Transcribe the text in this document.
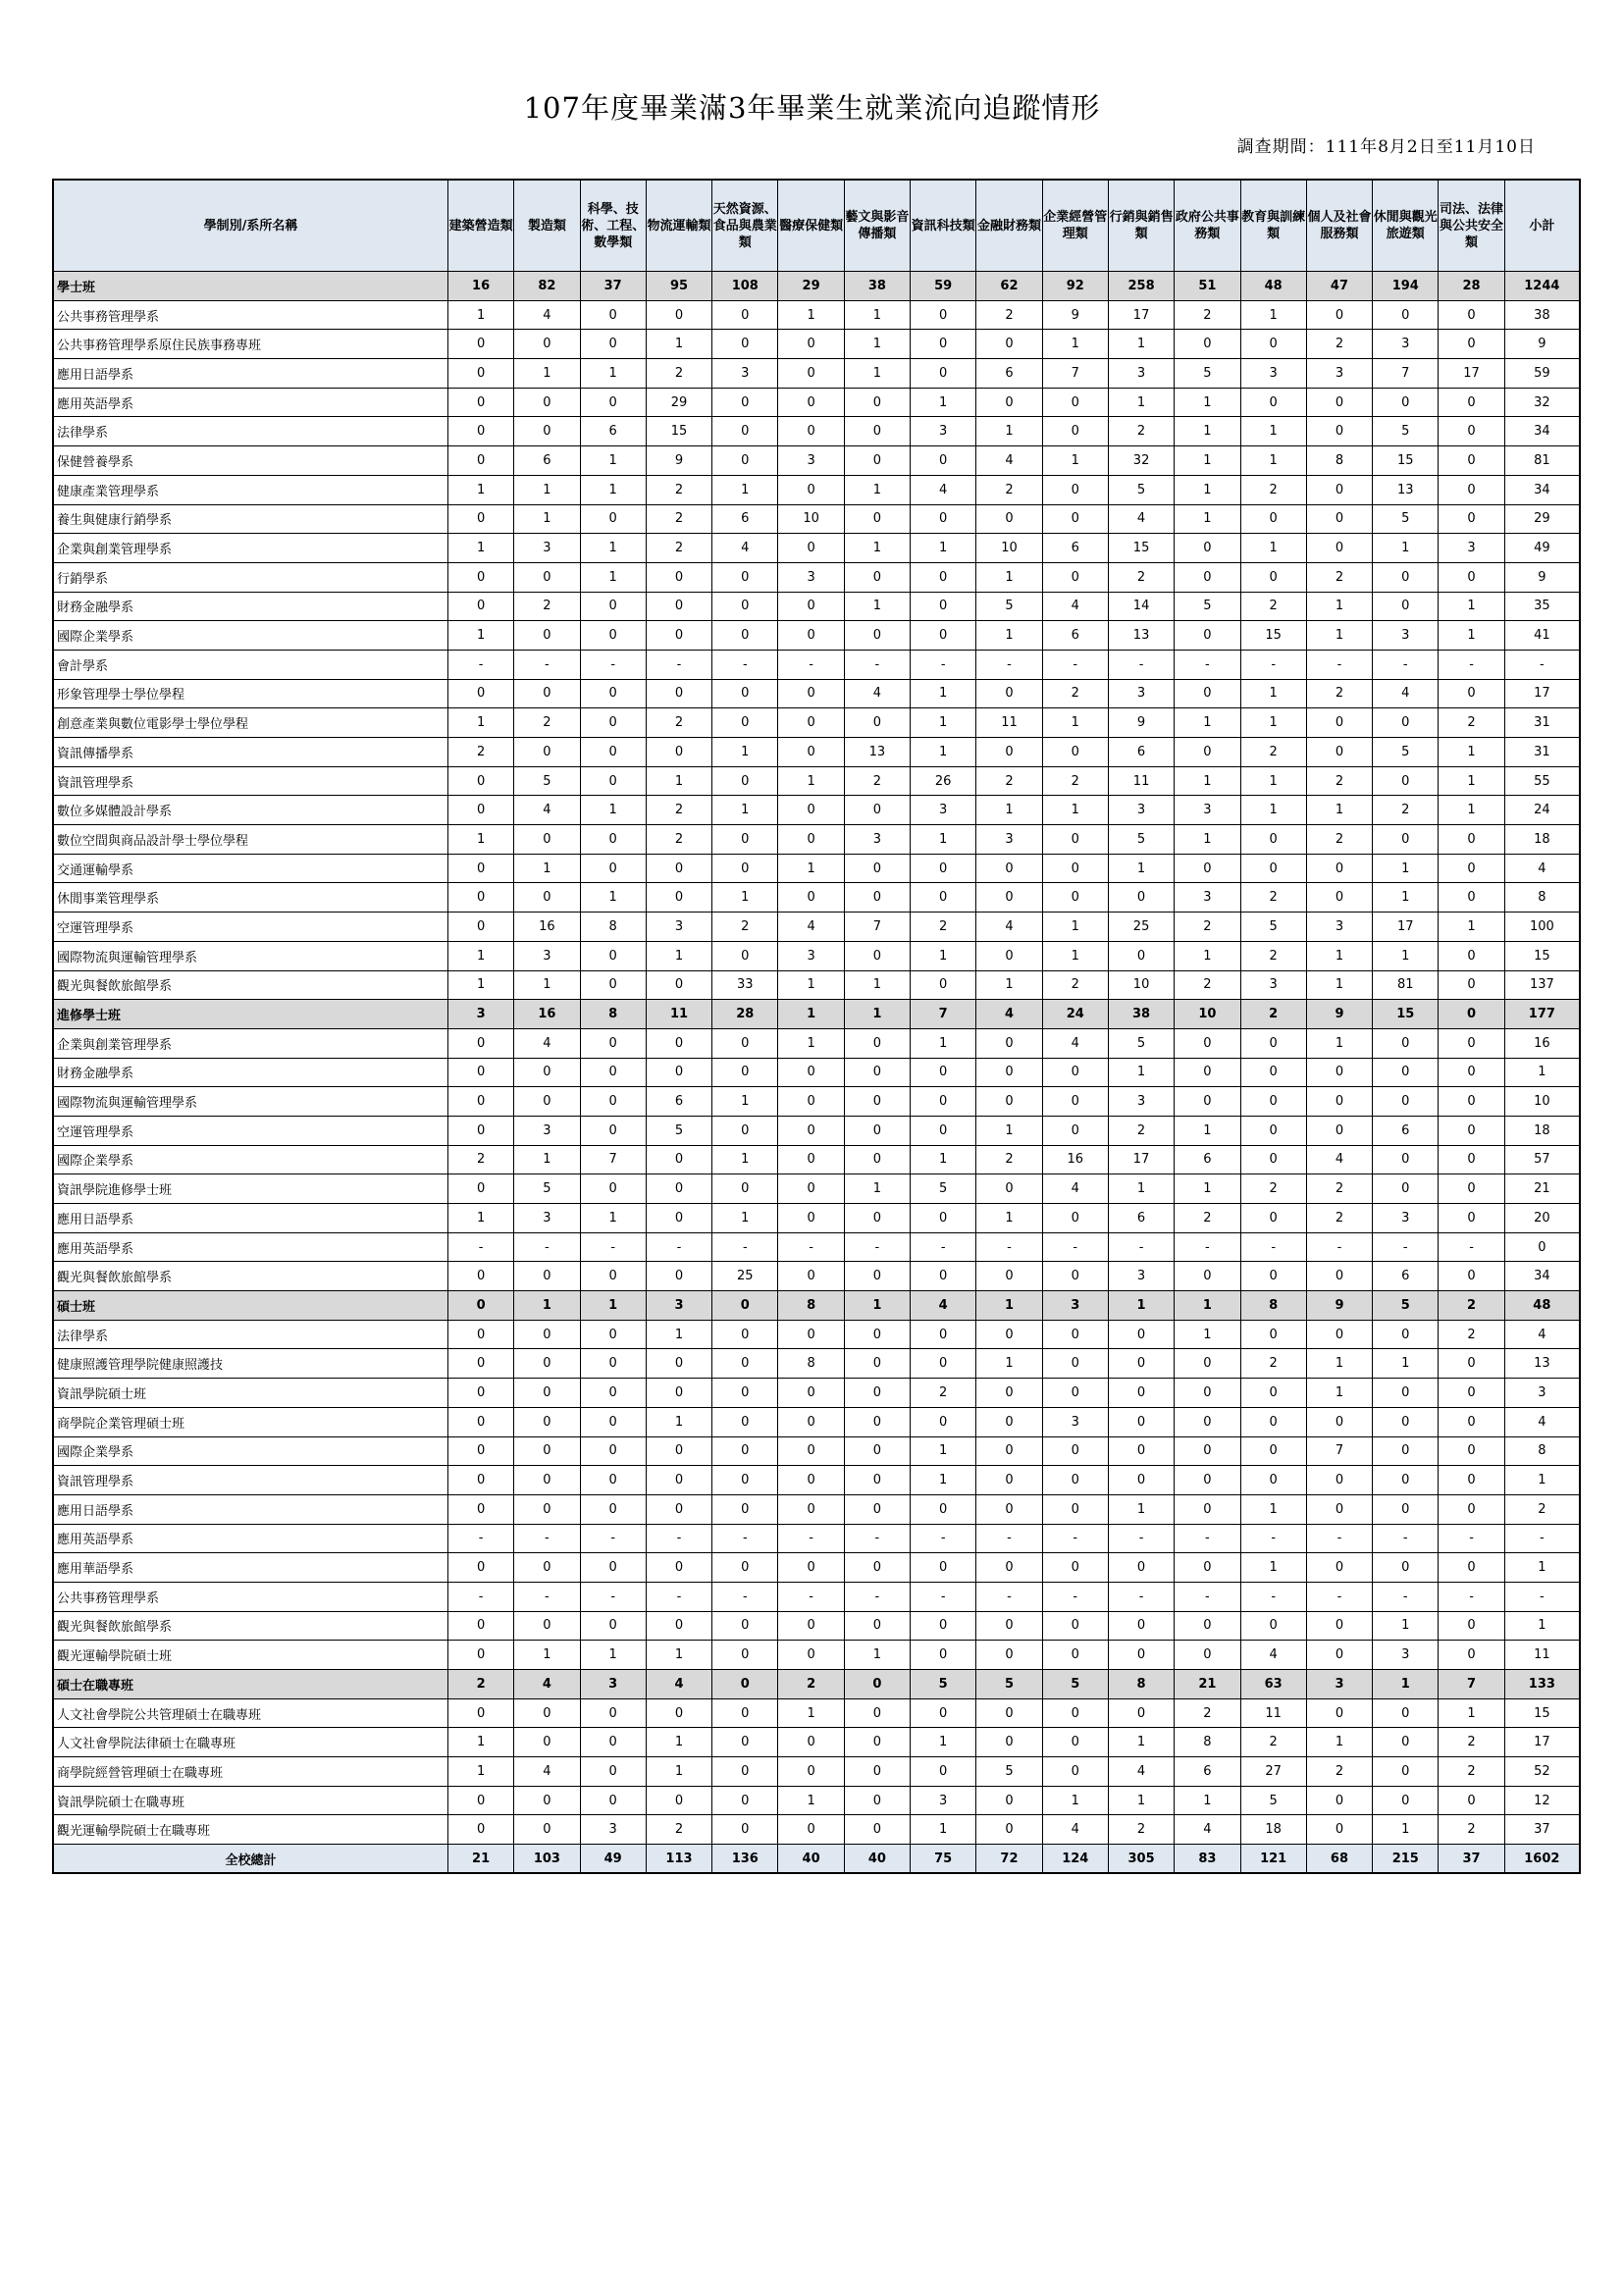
107年度畢業滿3年畢業生就業流向追蹤情形
調查期間：111年8月2日至11月10日
學制別/系所名稱	建築營造類	製造類	科學、技術、工程、數學類	物流運輸類	天然資源、食品與農業類	醫療保健類	藝文與影音傳播類	資訊科技類	金融財務類	企業經營管理類	行銷與銷售類	政府公共事務類	教育與訓練類	個人及社會服務類	休閒與觀光旅遊類	司法、法律與公共安全類	小計
學士班	16	82	37	95	108	29	38	59	62	92	258	51	48	47	194	28	1244
公共事務管理學系	1	4	0	0	0	1	1	0	2	9	17	2	1	0	0	0	38
公共事務管理學系原住民族事務專班	0	0	0	1	0	0	1	0	0	1	1	0	0	2	3	0	9
應用日語學系	0	1	1	2	3	0	1	0	6	7	3	5	3	3	7	17	59
應用英語學系	0	0	0	29	0	0	0	1	0	0	1	1	0	0	0	0	32
法律學系	0	0	6	15	0	0	0	3	1	0	2	1	1	0	5	0	34
保健營養學系	0	6	1	9	0	3	0	0	4	1	32	1	1	8	15	0	81
健康產業管理學系	1	1	1	2	1	0	1	4	2	0	5	1	2	0	13	0	34
養生與健康行銷學系	0	1	0	2	6	10	0	0	0	0	4	1	0	0	5	0	29
企業與創業管理學系	1	3	1	2	4	0	1	1	10	6	15	0	1	0	1	3	49
行銷學系	0	0	1	0	0	3	0	0	1	0	2	0	0	2	0	0	9
財務金融學系	0	2	0	0	0	0	1	0	5	4	14	5	2	1	0	1	35
國際企業學系	1	0	0	0	0	0	0	0	1	6	13	0	15	1	3	1	41
會計學系	-	-	-	-	-	-	-	-	-	-	-	-	-	-	-	-	-
形象管理學士學位學程	0	0	0	0	0	0	4	1	0	2	3	0	1	2	4	0	17
創意產業與數位電影學士學位學程	1	2	0	2	0	0	0	1	11	1	9	1	1	0	0	2	31
資訊傳播學系	2	0	0	0	1	0	13	1	0	0	6	0	2	0	5	1	31
資訊管理學系	0	5	0	1	0	1	2	26	2	2	11	1	1	2	0	1	55
數位多媒體設計學系	0	4	1	2	1	0	0	3	1	1	3	3	1	1	2	1	24
數位空間與商品設計學士學位學程	1	0	0	2	0	0	3	1	3	0	5	1	0	2	0	0	18
交通運輸學系	0	1	0	0	0	1	0	0	0	0	1	0	0	0	1	0	4
休閒事業管理學系	0	0	1	0	1	0	0	0	0	0	0	3	2	0	1	0	8
空運管理學系	0	16	8	3	2	4	7	2	4	1	25	2	5	3	17	1	100
國際物流與運輸管理學系	1	3	0	1	0	3	0	1	0	1	0	1	2	1	1	0	15
觀光與餐飲旅館學系	1	1	0	0	33	1	1	0	1	2	10	2	3	1	81	0	137
進修學士班	3	16	8	11	28	1	1	7	4	24	38	10	2	9	15	0	177
企業與創業管理學系	0	4	0	0	0	1	0	1	0	4	5	0	0	1	0	0	16
財務金融學系	0	0	0	0	0	0	0	0	0	0	1	0	0	0	0	0	1
國際物流與運輸管理學系	0	0	0	6	1	0	0	0	0	0	3	0	0	0	0	0	10
空運管理學系	0	3	0	5	0	0	0	0	1	0	2	1	0	0	6	0	18
國際企業學系	2	1	7	0	1	0	0	1	2	16	17	6	0	4	0	0	57
資訊學院進修學士班	0	5	0	0	0	0	1	5	0	4	1	1	2	2	0	0	21
應用日語學系	1	3	1	0	1	0	0	0	1	0	6	2	0	2	3	0	20
應用英語學系	-	-	-	-	-	-	-	-	-	-	-	-	-	-	-	-	0
觀光與餐飲旅館學系	0	0	0	0	25	0	0	0	0	0	3	0	0	0	6	0	34
碩士班	0	1	1	3	0	8	1	4	1	3	1	1	8	9	5	2	48
法律學系	0	0	0	1	0	0	0	0	0	0	0	1	0	0	0	2	4
健康照護管理學院健康照護技	0	0	0	0	0	8	0	0	1	0	0	0	2	1	1	0	13
資訊學院碩士班	0	0	0	0	0	0	0	2	0	0	0	0	0	1	0	0	3
商學院企業管理碩士班	0	0	0	1	0	0	0	0	0	3	0	0	0	0	0	0	4
國際企業學系	0	0	0	0	0	0	0	1	0	0	0	0	0	7	0	0	8
資訊管理學系	0	0	0	0	0	0	0	1	0	0	0	0	0	0	0	0	1
應用日語學系	0	0	0	0	0	0	0	0	0	0	1	0	1	0	0	0	2
應用英語學系	-	-	-	-	-	-	-	-	-	-	-	-	-	-	-	-	-
應用華語學系	0	0	0	0	0	0	0	0	0	0	0	0	1	0	0	0	1
公共事務管理學系	-	-	-	-	-	-	-	-	-	-	-	-	-	-	-	-	-
觀光與餐飲旅館學系	0	0	0	0	0	0	0	0	0	0	0	0	0	0	1	0	1
觀光運輸學院碩士班	0	1	1	1	0	0	1	0	0	0	0	0	4	0	3	0	11
碩士在職專班	2	4	3	4	0	2	0	5	5	5	8	21	63	3	1	7	133
人文社會學院公共管理碩士在職專班	0	0	0	0	0	1	0	0	0	0	0	2	11	0	0	1	15
人文社會學院法律碩士在職專班	1	0	0	1	0	0	0	1	0	0	1	8	2	1	0	2	17
商學院經營管理碩士在職專班	1	4	0	1	0	0	0	0	5	0	4	6	27	2	0	2	52
資訊學院碩士在職專班	0	0	0	0	0	1	0	3	0	1	1	1	5	0	0	0	12
觀光運輸學院碩士在職專班	0	0	3	2	0	0	0	1	0	4	2	4	18	0	1	2	37
全校總計	21	103	49	113	136	40	40	75	72	124	305	83	121	68	215	37	1602
